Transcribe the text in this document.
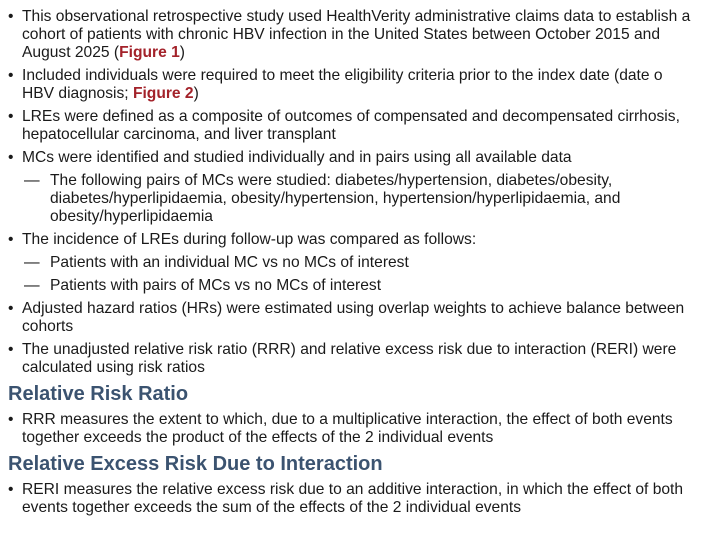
• This observational retrospective study used HealthVerity administrative claims data to establish a cohort of patients with chronic HBV infection in the United States between October 2015 and August 2025 (Figure 1)
• Included individuals were required to meet the eligibility criteria prior to the index date (date o
HBV diagnosis; Figure 2)
• LREs were defined as a composite of outcomes of compensated and decompensated cirrhosis, hepatocellular carcinoma, and liver transplant
• MCs were identified and studied individually and in pairs using all available data
— The following pairs of MCs were studied: diabetes/hypertension, diabetes/obesity, diabetes/hyperlipidaemia, obesity/hypertension, hypertension/hyperlipidaemia, and obesity/hyperlipidaemia
• The incidence of LREs during follow-up was compared as follows:
— Patients with an individual MC vs no MCs of interest
— Patients with pairs of MCs vs no MCs of interest
• Adjusted hazard ratios (HRs) were estimated using overlap weights to achieve balance between cohorts
• The unadjusted relative risk ratio (RRR) and relative excess risk due to interaction (RERI) were calculated using risk ratios
Relative Risk Ratio
• RRR measures the extent to which, due to a multiplicative interaction, the effect of both events together exceeds the product of the effects of the 2 individual events
Relative Excess Risk Due to Interaction
• RERI measures the relative excess risk due to an additive interaction, in which the effect of both events together exceeds the sum of the effects of the 2 individual events
